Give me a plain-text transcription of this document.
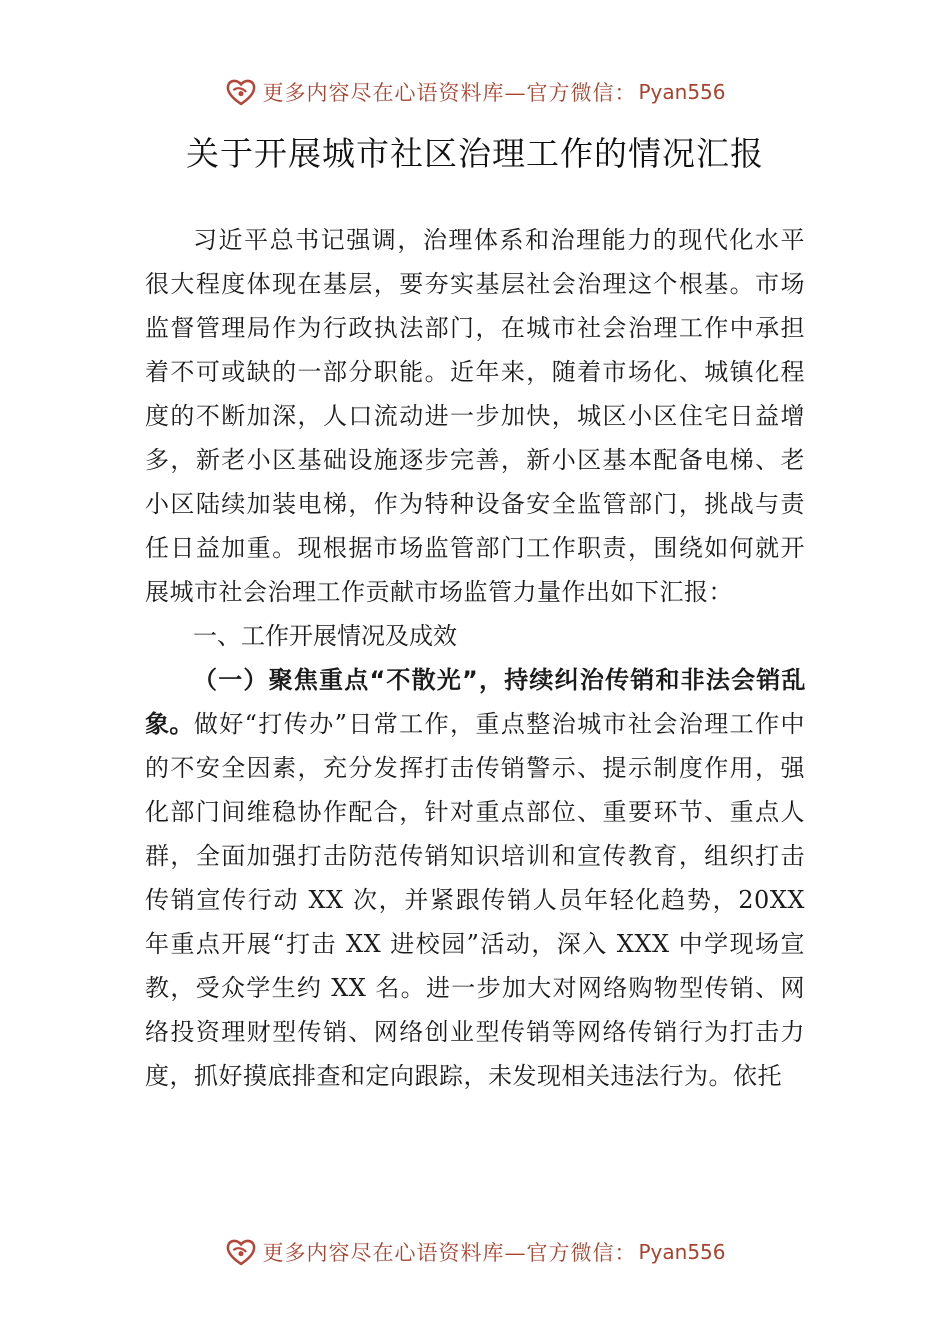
更多内容尽在心语资料库—官方微信： Pyan556
关于开展城市社区治理工作的情况汇报

习近平总书记强调，治理体系和治理能力的现代化水平很大程度体现在基层，要夯实基层社会治理这个根基。市场监督管理局作为行政执法部门，在城市社会治理工作中承担着不可或缺的一部分职能。近年来，随着市场化、城镇化程度的不断加深，人口流动进一步加快，城区小区住宅日益增多，新老小区基础设施逐步完善，新小区基本配备电梯、老小区陆续加装电梯，作为特种设备安全监管部门，挑战与责任日益加重。现根据市场监管部门工作职责，围绕如何就开展城市社会治理工作贡献市场监管力量作出如下汇报：

一、工作开展情况及成效

（一）聚焦重点“不散光”，持续纠治传销和非法会销乱象。做好“打传办”日常工作，重点整治城市社会治理工作中的不安全因素，充分发挥打击传销警示、提示制度作用，强化部门间维稳协作配合，针对重点部位、重要环节、重点人群，全面加强打击防范传销知识培训和宣传教育，组织打击传销宣传行动 XX 次，并紧跟传销人员年轻化趋势，20XX 年重点开展“打击 XX 进校园”活动，深入 XXX 中学现场宣教，受众学生约 XX 名。进一步加大对网络购物型传销、网络投资理财型传销、网络创业型传销等网络传销行为打击力度，抓好摸底排查和定向跟踪，未发现相关违法行为。依托

更多内容尽在心语资料库—官方微信： Pyan556
